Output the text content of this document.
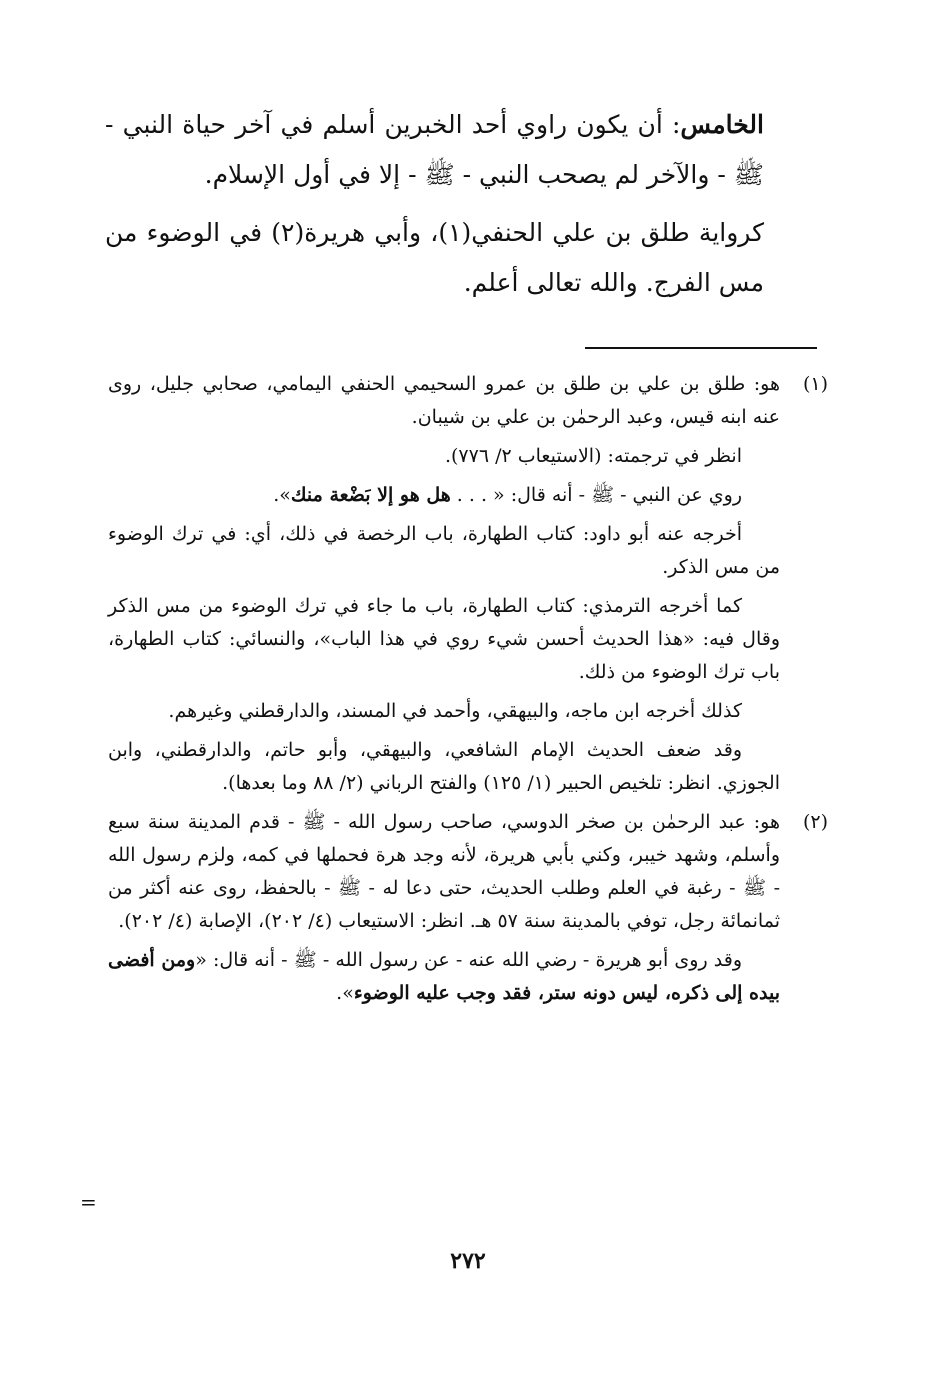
الخامس: أن يكون راوي أحد الخبرين أسلم في آخر حياة النبي - ﷺ - والآخر لم يصحب النبي - ﷺ - إلا في أول الإسلام.

كرواية طلق بن علي الحنفي(١)، وأبي هريرة(٢) في الوضوء من مس الفرج. والله تعالى أعلم.

(١)

هو: طلق بن علي بن طلق بن عمرو السحيمي الحنفي اليمامي، صحابي جليل، روى عنه ابنه قيس، وعبد الرحمٰن بن علي بن شيبان.

انظر في ترجمته: (الاستيعاب ٢/ ٧٧٦).

روي عن النبي - ﷺ - أنه قال: « . . . هل هو إلا بَضْعة منك».

أخرجه عنه أبو داود: كتاب الطهارة، باب الرخصة في ذلك، أي: في ترك الوضوء من مس الذكر.

كما أخرجه الترمذي: كتاب الطهارة، باب ما جاء في ترك الوضوء من مس الذكر وقال فيه: «هذا الحديث أحسن شيء روي في هذا الباب»، والنسائي: كتاب الطهارة، باب ترك الوضوء من ذلك.

كذلك أخرجه ابن ماجه، والبيهقي، وأحمد في المسند، والدارقطني وغيرهم.

وقد ضعف الحديث الإمام الشافعي، والبيهقي، وأبو حاتم، والدارقطني، وابن الجوزي. انظر: تلخيص الحبير (١/ ١٢٥) والفتح الرباني (٢/ ٨٨ وما بعدها).

(٢)

هو: عبد الرحمٰن بن صخر الدوسي، صاحب رسول الله - ﷺ - قدم المدينة سنة سبع وأسلم، وشهد خيبر، وكني بأبي هريرة، لأنه وجد هرة فحملها في كمه، ولزم رسول الله - ﷺ - رغبة في العلم وطلب الحديث، حتى دعا له - ﷺ - بالحفظ، روى عنه أكثر من ثمانمائة رجل، توفي بالمدينة سنة ٥٧ هـ. انظر: الاستيعاب (٤/ ٢٠٢)، الإصابة (٤/ ٢٠٢).

وقد روى أبو هريرة - رضي الله عنه - عن رسول الله - ﷺ - أنه قال: «ومن أفضى بيده إلى ذكره، ليس دونه ستر، فقد وجب عليه الوضوء».

=
٢٧٢
